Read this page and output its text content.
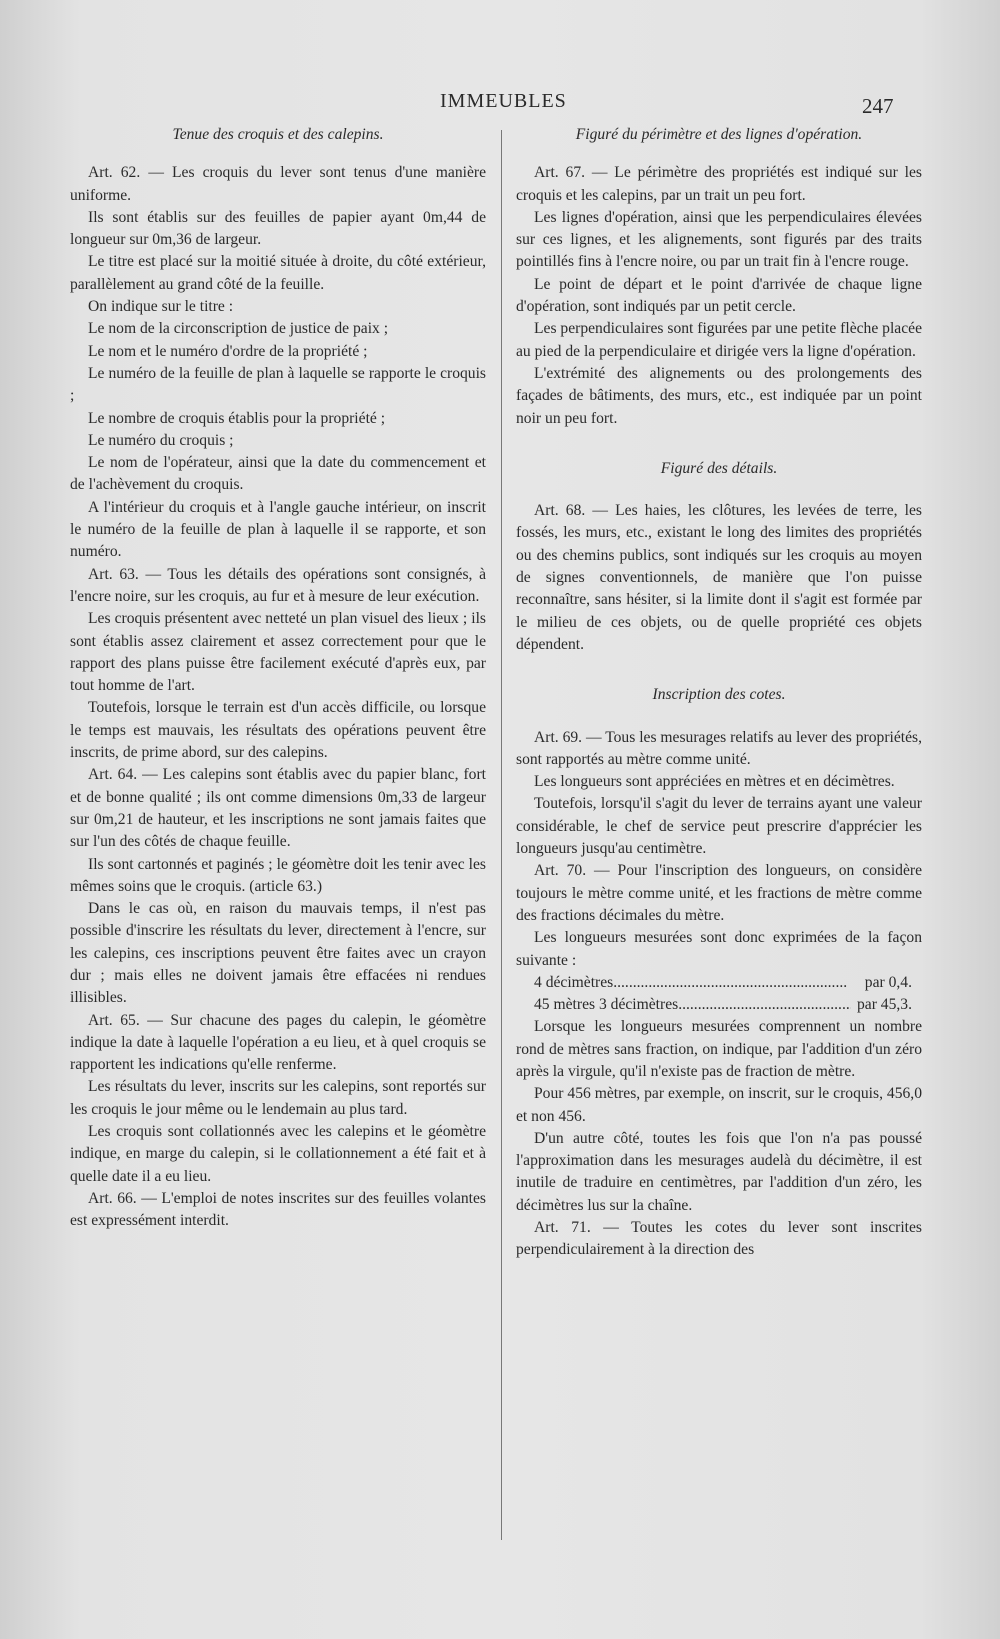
IMMEUBLES	247
Tenue des croquis et des calepins.

Art. 62. — Les croquis du lever sont tenus d'une manière uniforme.

Ils sont établis sur des feuilles de papier ayant 0m,44 de longueur sur 0m,36 de largeur.

Le titre est placé sur la moitié située à droite, du côté extérieur, parallèlement au grand côté de la feuille.

On indique sur le titre :

Le nom de la circonscription de justice de paix ;

Le nom et le numéro d'ordre de la propriété ;

Le numéro de la feuille de plan à laquelle se rapporte le croquis ;

Le nombre de croquis établis pour la propriété ;

Le numéro du croquis ;

Le nom de l'opérateur, ainsi que la date du commencement et de l'achèvement du croquis.

A l'intérieur du croquis et à l'angle gauche intérieur, on inscrit le numéro de la feuille de plan à laquelle il se rapporte, et son numéro.

Art. 63. — Tous les détails des opérations sont consignés, à l'encre noire, sur les croquis, au fur et à mesure de leur exécution.

Les croquis présentent avec netteté un plan visuel des lieux ; ils sont établis assez clairement et assez correctement pour que le rapport des plans puisse être facilement exécuté d'après eux, par tout homme de l'art.

Toutefois, lorsque le terrain est d'un accès difficile, ou lorsque le temps est mauvais, les résultats des opérations peuvent être inscrits, de prime abord, sur des calepins.

Art. 64. — Les calepins sont établis avec du papier blanc, fort et de bonne qualité ; ils ont comme dimensions 0m,33 de largeur sur 0m,21 de hauteur, et les inscriptions ne sont jamais faites que sur l'un des côtés de chaque feuille.

Ils sont cartonnés et paginés ; le géomètre doit les tenir avec les mêmes soins que le croquis. (article 63.)

Dans le cas où, en raison du mauvais temps, il n'est pas possible d'inscrire les résultats du lever, directement à l'encre, sur les calepins, ces inscriptions peuvent être faites avec un crayon dur ; mais elles ne doivent jamais être effacées ni rendues illisibles.

Art. 65. — Sur chacune des pages du calepin, le géomètre indique la date à laquelle l'opération a eu lieu, et à quel croquis se rapportent les indications qu'elle renferme.

Les résultats du lever, inscrits sur les calepins, sont reportés sur les croquis le jour même ou le lendemain au plus tard.

Les croquis sont collationnés avec les calepins et le géomètre indique, en marge du calepin, si le collationnement a été fait et à quelle date il a eu lieu.

Art. 66. — L'emploi de notes inscrites sur des feuilles volantes est expressément interdit.

Figuré du périmètre et des lignes d'opération.

Art. 67. — Le périmètre des propriétés est indiqué sur les croquis et les calepins, par un trait un peu fort.

Les lignes d'opération, ainsi que les perpendiculaires élevées sur ces lignes, et les alignements, sont figurés par des traits pointillés fins à l'encre noire, ou par un trait fin à l'encre rouge.

Le point de départ et le point d'arrivée de chaque ligne d'opération, sont indiqués par un petit cercle.

Les perpendiculaires sont figurées par une petite flèche placée au pied de la perpendiculaire et dirigée vers la ligne d'opération.

L'extrémité des alignements ou des prolongements des façades de bâtiments, des murs, etc., est indiquée par un point noir un peu fort.

Figuré des détails.

Art. 68. — Les haies, les clôtures, les levées de terre, les fossés, les murs, etc., existant le long des limites des propriétés ou des chemins publics, sont indiqués sur les croquis au moyen de signes conventionnels, de manière que l'on puisse reconnaître, sans hésiter, si la limite dont il s'agit est formée par le milieu de ces objets, ou de quelle propriété ces objets dépendent.

Inscription des cotes.

Art. 69. — Tous les mesurages relatifs au lever des propriétés, sont rapportés au mètre comme unité.

Les longueurs sont appréciées en mètres et en décimètres.

Toutefois, lorsqu'il s'agit du lever de terrains ayant une valeur considérable, le chef de service peut prescrire d'apprécier les longueurs jusqu'au centimètre.

Art. 70. — Pour l'inscription des longueurs, on considère toujours le mètre comme unité, et les fractions de mètre comme des fractions décimales du mètre.

Les longueurs mesurées sont donc exprimées de la façon suivante :

4 décimètres .....	par 0,4.
45 mètres 3 décimètres .....	par 45,3.

Lorsque les longueurs mesurées comprennent un nombre rond de mètres sans fraction, on indique, par l'addition d'un zéro après la virgule, qu'il n'existe pas de fraction de mètre.

Pour 456 mètres, par exemple, on inscrit, sur le croquis, 456,0 et non 456.

D'un autre côté, toutes les fois que l'on n'a pas poussé l'approximation dans les mesurages audelà du décimètre, il est inutile de traduire en centimètres, par l'addition d'un zéro, les décimètres lus sur la chaîne.

Art. 71. — Toutes les cotes du lever sont inscrites perpendiculairement à la direction des
